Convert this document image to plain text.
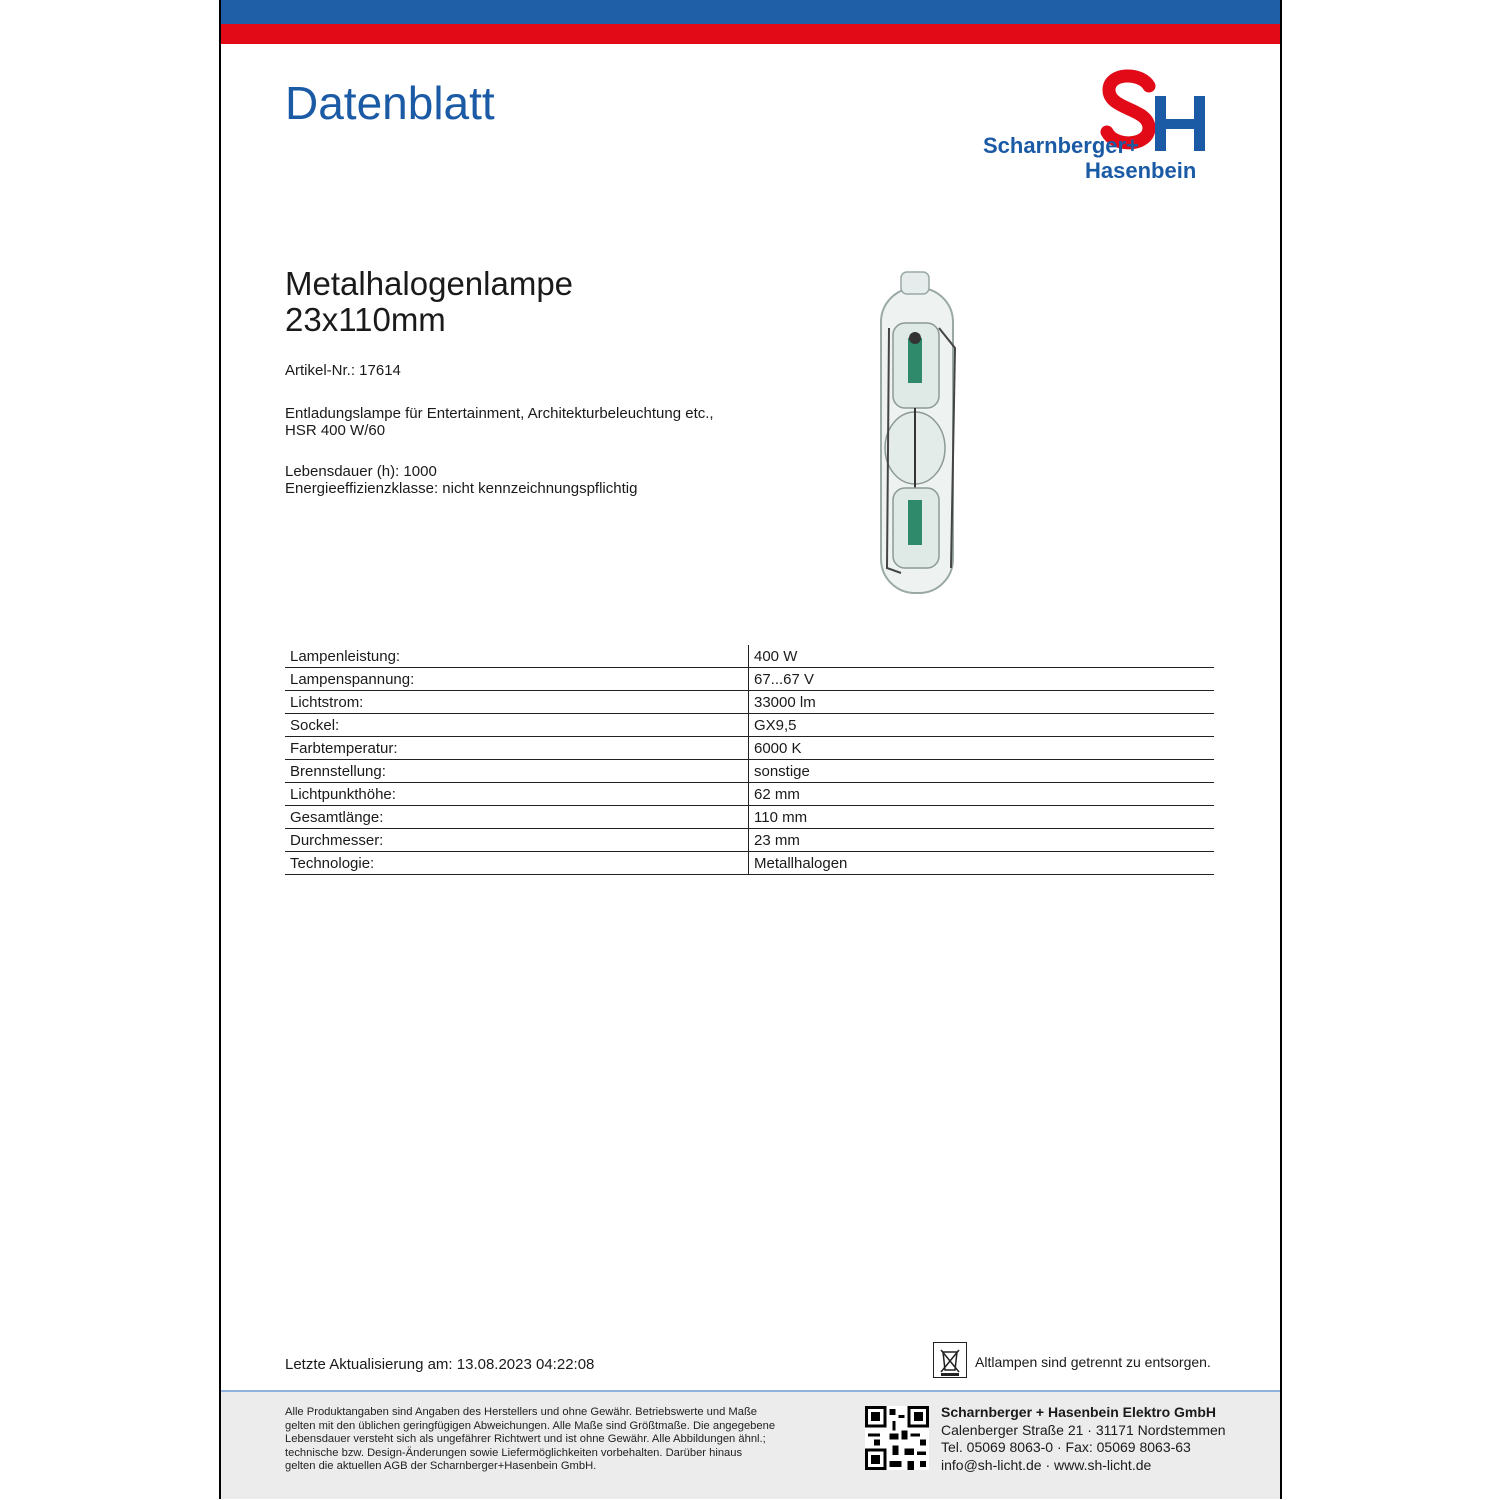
Datenblatt
Scharnberger+
Hasenbein
Metalhalogenlampe
23x110mm
Artikel-Nr.: 17614
Entladungslampe für Entertainment, Architekturbeleuchtung etc.,
HSR 400 W/60
Lebensdauer (h): 1000
Energieeffizienzklasse: nicht kennzeichnungspflichtig
Lampenleistung:	400 W
Lampenspannung:	67...67 V
Lichtstrom:	33000 lm
Sockel:	GX9,5
Farbtemperatur:	6000 K
Brennstellung:	sonstige
Lichtpunkthöhe:	62 mm
Gesamtlänge:	110 mm
Durchmesser:	23 mm
Technologie:	Metallhalogen
Letzte Aktualisierung am: 13.08.2023 04:22:08	Altlampen sind getrennt zu entsorgen.
Alle Produktangaben sind Angaben des Herstellers und ohne Gewähr. Betriebswerte und Maße
gelten mit den üblichen geringfügigen Abweichungen. Alle Maße sind Größtmaße. Die angegebene
Lebensdauer versteht sich als ungefährer Richtwert und ist ohne Gewähr. Alle Abbildungen ähnl.;
technische bzw. Design-Änderungen sowie Liefermöglichkeiten vorbehalten. Darüber hinaus
gelten die aktuellen AGB der Scharnberger+Hasenbein GmbH.
Scharnberger + Hasenbein Elektro GmbH
Calenberger Straße 21 · 31171 Nordstemmen
Tel. 05069 8063-0 · Fax: 05069 8063-63
info@sh-licht.de · www.sh-licht.de
